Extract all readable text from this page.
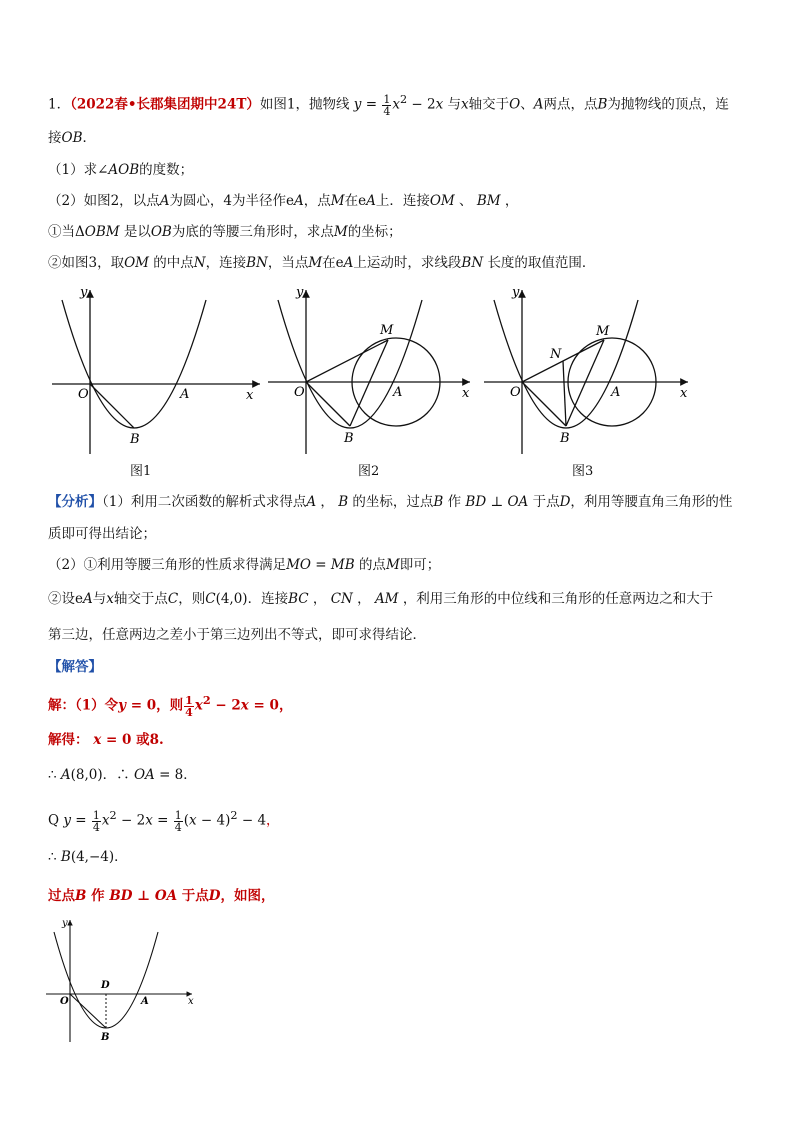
1．（2022春•长郡集团期中24T）如图1，抛物线 $y = \frac{1}{4} x^2 - 2x$ 与x轴交于O、A两点，点B为抛物线的顶点，连
接OB．
（1）求∠AOB的度数；
（2）如图2，以点A为圆心，4为半径作eA，点M在eA上．连接OM 、 BM ，
①当ΔOBM 是以OB为底的等腰三角形时，求点M的坐标；
②如图3，取OM 的中点N，连接BN，当点M在eA上运动时，求线段BN 长度的取值范围．
O	A
B
x
y
图1
O	A
B
M
x
y
图2
O	A
B
M
N
x
y
图3
【分析】（1）利用二次函数的解析式求得点A ， B 的坐标，过点B 作 BD ⊥ OA 于点D，利用等腰直角三角形的性
质即可得出结论；
（2）①利用等腰三角形的性质求得满足MO = MB 的点M即可；
②设eA与x轴交于点C，则C(4,0)．连接BC ， CN ， AM ，利用三角形的中位线和三角形的任意两边之和大于
第三边，任意两边之差小于第三边列出不等式，即可求得结论．
【解答】
解：（1）令y = 0，则 $\frac{1}{4} x^2 - 2x = 0$，
解得： x = 0 或8.
∴ A(8,0)．∴ OA = 8．
Q $y = \frac{1}{4} x^2 - 2x = \frac{1}{4} (x - 4)^2 - 4$，
∴ B(4,−4)．
过点B 作 BD ⊥ OA 于点D，如图，
O	A
B
D
x
y
